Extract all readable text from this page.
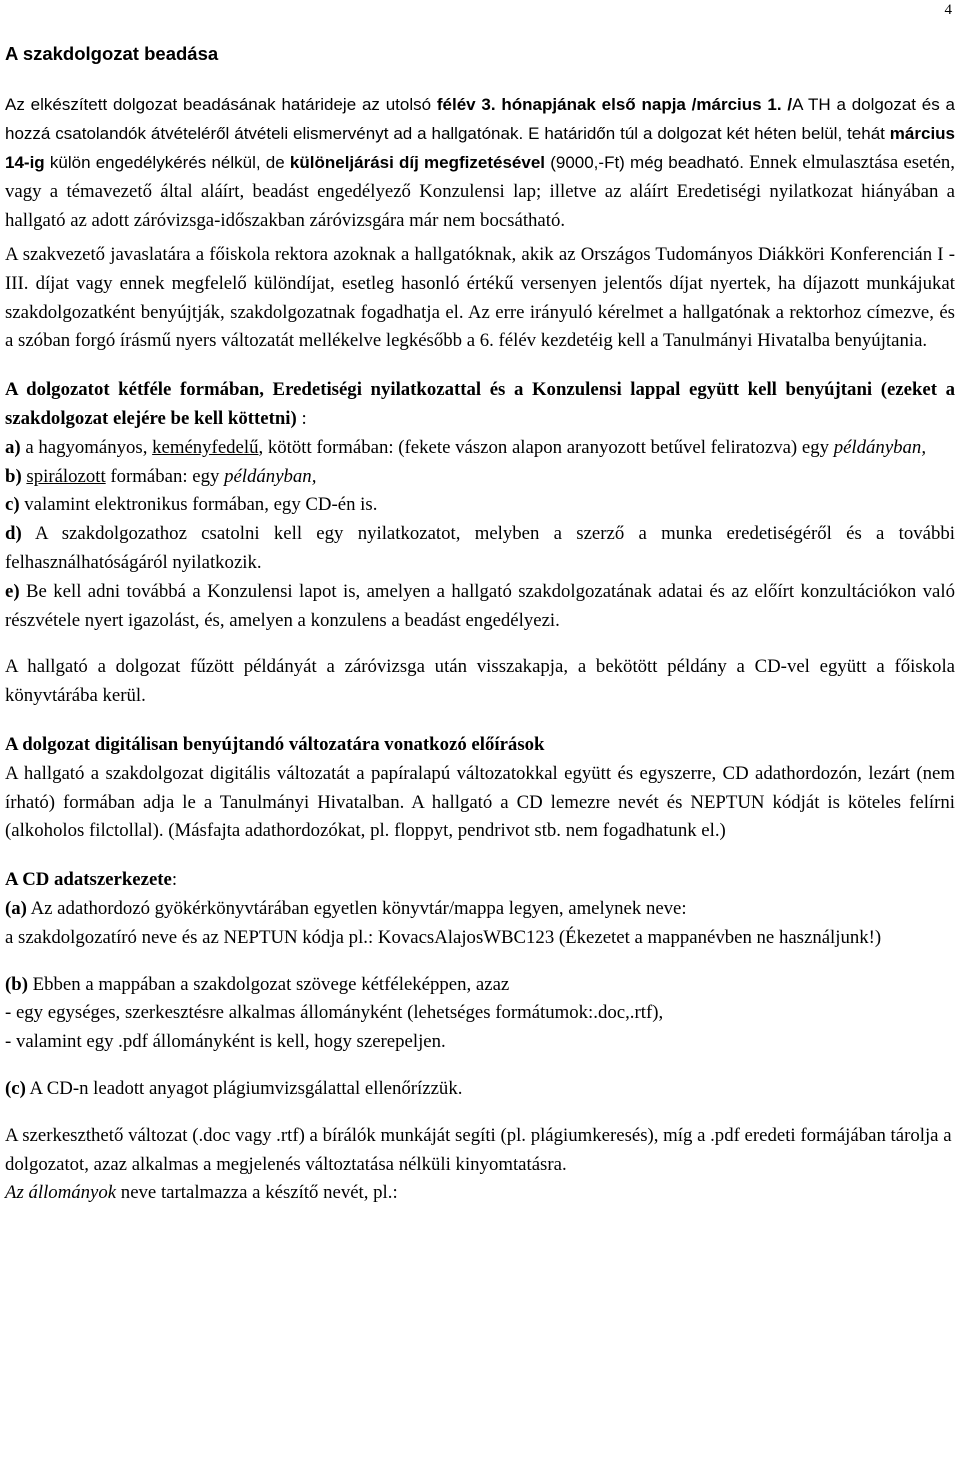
4
A szakdolgozat beadása

Az elkészített dolgozat beadásának határideje az utolsó félév 3. hónapjának első napja /március 1. /A TH a dolgozat és a hozzá csatolandók átvételéről átvételi elismervényt ad a hallgatónak. E határidőn túl a dolgozat két héten belül, tehát március 14-ig külön engedélykérés nélkül, de különeljárási díj megfizetésével (9000,-Ft) még beadható. Ennek elmulasztása esetén, vagy a témavezető által aláírt, beadást engedélyező Konzulensi lap; illetve az aláírt Eredetiségi nyilatkozat hiányában a hallgató az adott záróvizsga-időszakban záróvizsgára már nem bocsátható.

A szakvezető javaslatára a főiskola rektora azoknak a hallgatóknak, akik az Országos Tudományos Diákköri Konferencián I - III. díjat vagy ennek megfelelő különdíjat, esetleg hasonló értékű versenyen jelentős díjat nyertek, ha díjazott munkájukat szakdolgozatként benyújtják, szakdolgozatnak fogadhatja el. Az erre irányuló kérelmet a hallgatónak a rektorhoz címezve, és a szóban forgó írásmű nyers változatát mellékelve legkésőbb a 6. félév kezdetéig kell a Tanulmányi Hivatalba benyújtania.

A dolgozatot kétféle formában, Eredetiségi nyilatkozattal és a Konzulensi lappal együtt kell benyújtani (ezeket a szakdolgozat elejére be kell köttetni) :

a) a hagyományos, keményfedelű, kötött formában: (fekete vászon alapon aranyozott betűvel feliratozva) egy példányban,

b) spirálozott formában: egy példányban,

c) valamint elektronikus formában, egy CD-én is.

d) A szakdolgozathoz csatolni kell egy nyilatkozatot, melyben a szerző a munka eredetiségéről és a további felhasználhatóságáról nyilatkozik.

e) Be kell adni továbbá a Konzulensi lapot is, amelyen a hallgató szakdolgozatának adatai és az előírt konzultációkon való részvétele nyert igazolást, és, amelyen a konzulens a beadást engedélyezi.

A hallgató a dolgozat fűzött példányát a záróvizsga után visszakapja, a bekötött példány a CD-vel együtt a főiskola könyvtárába kerül.

A dolgozat digitálisan benyújtandó változatára vonatkozó előírások

A hallgató a szakdolgozat digitális változatát a papíralapú változatokkal együtt és egyszerre, CD adathordozón, lezárt (nem írható) formában adja le a Tanulmányi Hivatalban. A hallgató a CD lemezre nevét és NEPTUN kódját is köteles felírni (alkoholos filctollal). (Másfajta adathordozókat, pl. floppyt, pendrivot stb. nem fogadhatunk el.)

A CD adatszerkezete:

(a) Az adathordozó gyökérkönyvtárában egyetlen könyvtár/mappa legyen, amelynek neve:

a szakdolgozatíró neve és az NEPTUN kódja pl.: KovacsAlajosWBC123 (Ékezetet a mappanévben ne használjunk!)

(b) Ebben a mappában a szakdolgozat szövege kétféleképpen, azaz

- egy egységes, szerkesztésre alkalmas állományként (lehetséges formátumok:.doc,.rtf),

- valamint egy .pdf állományként is kell, hogy szerepeljen.

(c) A CD-n leadott anyagot plágiumvizsgálattal ellenőrízzük.

A szerkeszthető változat (.doc vagy .rtf) a bírálók munkáját segíti (pl. plágiumkeresés), míg a .pdf eredeti formájában tárolja a dolgozatot, azaz alkalmas a megjelenés változtatása nélküli kinyomtatásra.

Az állományok neve tartalmazza a készítő nevét, pl.:
